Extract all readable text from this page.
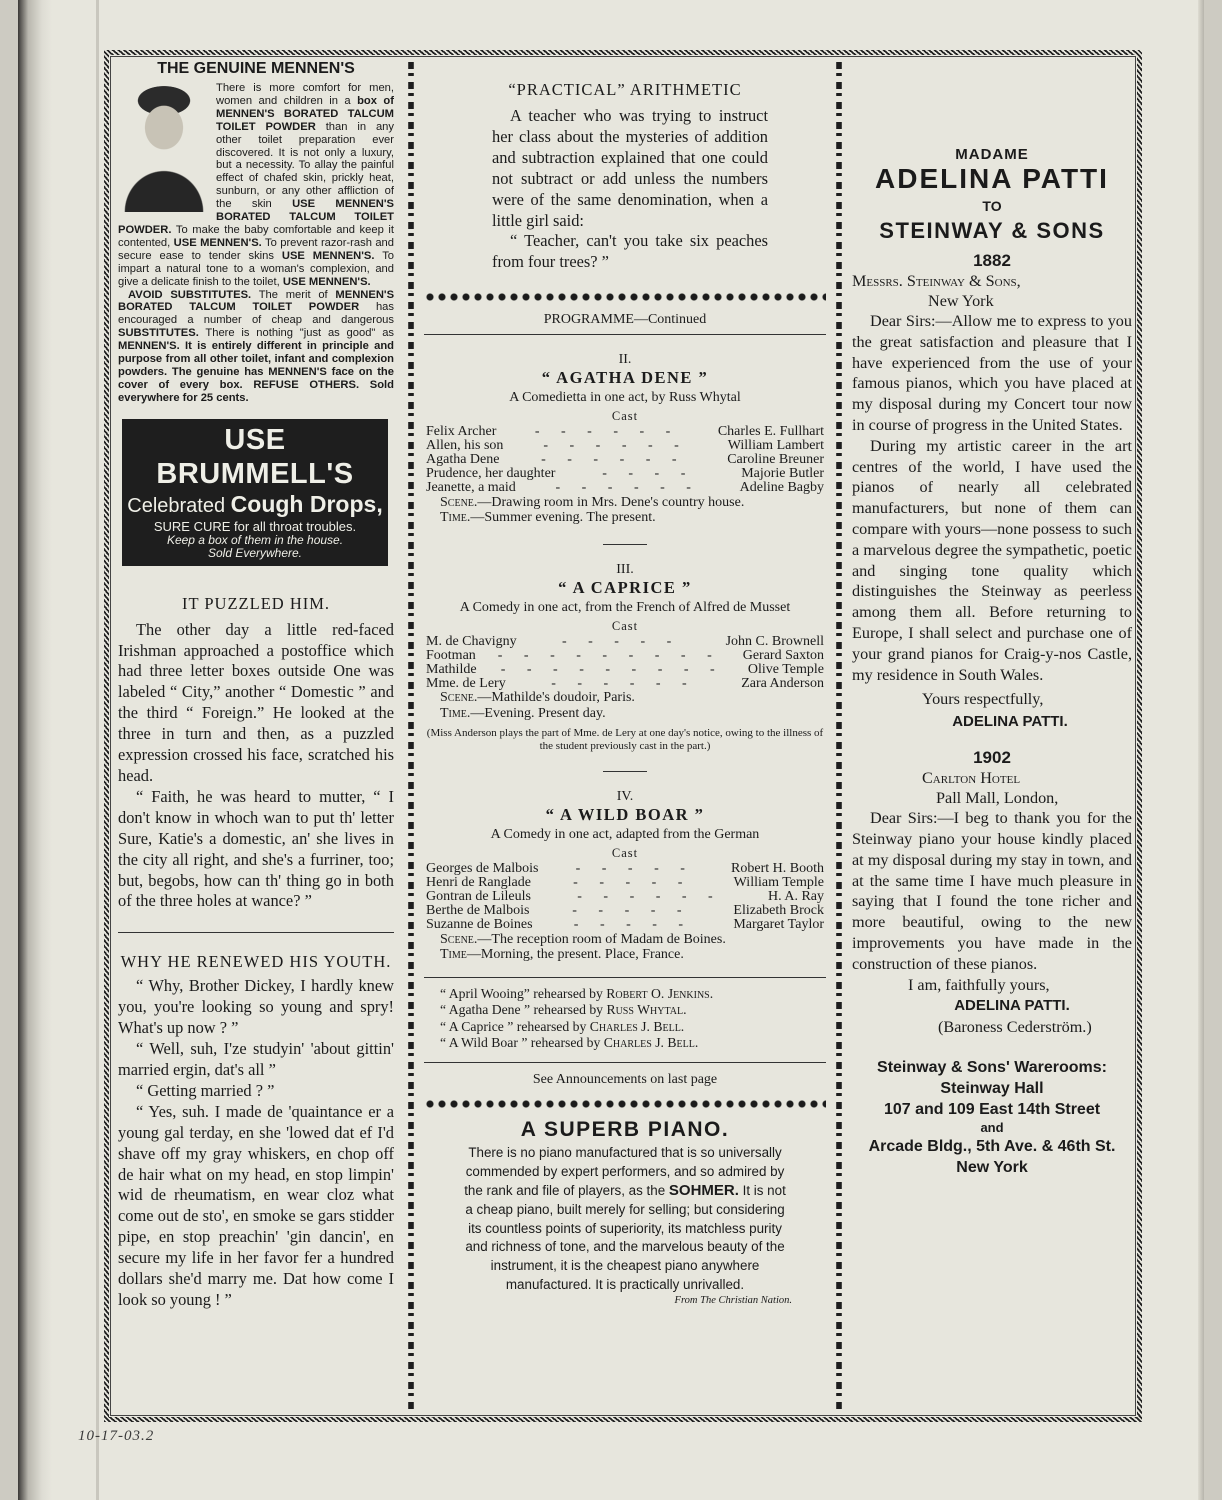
THE GENUINE MENNEN'S

There is more comfort for men, women and children in a box of MENNEN'S BORATED TALCUM TOILET POWDER than in any other toilet preparation ever discovered. It is not only a luxury, but a necessity. To allay the painful effect of chafed skin, prickly heat, sunburn, or any other affliction of the skin USE MENNEN'S BORATED TALCUM TOILET POWDER. To make the baby comfortable and keep it contented, USE MENNEN'S. To prevent razor-rash and secure ease to tender skins USE MENNEN'S. To impart a natural tone to a woman's complexion, and give a delicate finish to the toilet, USE MENNEN'S.

AVOID SUBSTITUTES. The merit of MENNEN'S BORATED TALCUM TOILET POWDER has encouraged a number of cheap and dangerous SUBSTITUTES. There is nothing "just as good" as MENNEN'S. It is entirely different in principle and purpose from all other toilet, infant and complexion powders. The genuine has MENNEN'S face on the cover of every box. REFUSE OTHERS. Sold everywhere for 25 cents.

USE BRUMMELL'S
Celebrated Cough Drops,
SURE CURE for all throat troubles.
Keep a box of them in the house.
Sold Everywhere.

IT PUZZLED HIM.

The other day a little red-faced Irishman approached a postoffice which had three letter boxes outside One was labeled “ City,” another “ Domestic ” and the third “ Foreign.” He looked at the three in turn and then, as a puzzled expression crossed his face, scratched his head.

“ Faith, he was heard to mutter, “ I don't know in whoch wan to put th' letter Sure, Katie's a domestic, an' she lives in the city all right, and she's a furriner, too; but, begobs, how can th' thing go in both of the three holes at wance? ”

WHY HE RENEWED HIS YOUTH.

“ Why, Brother Dickey, I hardly knew you, you're looking so young and spry! What's up now ? ”

“ Well, suh, I'ze studyin' 'about gittin' married ergin, dat's all ”

“ Getting married ? ”

“ Yes, suh. I made de 'quaintance er a young gal terday, en she 'lowed dat ef I'd shave off my gray whiskers, en chop off de hair what on my head, en stop limpin' wid de rheumatism, en wear cloz what come out de sto', en smoke se gars stidder pipe, en stop preachin' 'gin dancin', en secure my life in her favor fer a hundred dollars she'd marry me. Dat how come I look so young ! ”

“PRACTICAL” ARITHMETIC

A teacher who was trying to instruct her class about the mysteries of addition and subtraction explained that one could not subtract or add unless the numbers were of the same denomination, when a little girl said:

“ Teacher, can't you take six peaches from four trees? ”

PROGRAMME—Continued
II.
“ AGATHA DENE ”
A Comedietta in one act, by Russ Whytal
Cast
Felix Archer	- - - - - -	Charles E. Fullhart
Allen, his son	- - - - - -	William Lambert
Agatha Dene	- - - - - -	Caroline Breuner
Prudence, her daughter	- - - -	Majorie Butler
Jeanette, a maid	- - - - - -	Adeline Bagby
Scene.—Drawing room in Mrs. Dene's country house.
Time.—Summer evening. The present.
III.
“ A CAPRICE ”
A Comedy in one act, from the French of Alfred de Musset
Cast
M. de Chavigny	- - - - -	John C. Brownell
Footman	- - - - - - - - -	Gerard Saxton
Mathilde	- - - - - - - - -	Olive Temple
Mme. de Lery	- - - - - -	Zara Anderson
Scene.—Mathilde's doudoir, Paris.
Time.—Evening. Present day.
(Miss Anderson plays the part of Mme. de Lery at one day's notice, owing to the illness of the student previously cast in the part.)
IV.
“ A WILD BOAR ”
A Comedy in one act, adapted from the German
Cast
Georges de Malbois	- - - - -	Robert H. Booth
Henri de Ranglade	- - - - -	William Temple
Gontran de Lileuls	- - - - - -	H. A. Ray
Berthe de Malbois	- - - - -	Elizabeth Brock
Suzanne de Boines	- - - - -	Margaret Taylor
Scene.—The reception room of Madam de Boines.
Time—Morning, the present. Place, France.
“ April Wooing” rehearsed by Robert O. Jenkins.
“ Agatha Dene ” rehearsed by Russ Whytal.
“ A Caprice ” rehearsed by Charles J. Bell.
“ A Wild Boar ” rehearsed by Charles J. Bell.
See Announcements on last page
A SUPERB PIANO.
There is no piano manufactured that is so universally commended by expert performers, and so admired by the rank and file of players, as the SOHMER. It is not a cheap piano, built merely for selling; but considering its countless points of superiority, its matchless purity and richness of tone, and the marvelous beauty of the instrument, it is the cheapest piano anywhere manufactured. It is practically unrivalled.
From The Christian Nation.
MADAME
ADELINA PATTI
TO
STEINWAY & SONS
1882
Messrs. Steinway & Sons,
New York

Dear Sirs:—Allow me to express to you the great satisfaction and pleasure that I have experienced from the use of your famous pianos, which you have placed at my disposal during my Concert tour now in course of progress in the United States.

During my artistic career in the art centres of the world, I have used the pianos of nearly all celebrated manufacturers, but none of them can compare with yours—none possess to such a marvelous degree the sympathetic, poetic and singing tone quality which distinguishes the Steinway as peerless among them all. Before returning to Europe, I shall select and purchase one of your grand pianos for Craig-y-nos Castle, my residence in South Wales.

Yours respectfully,
ADELINA PATTI.
1902
Carlton Hotel
Pall Mall, London,

Dear Sirs:—I beg to thank you for the Steinway piano your house kindly placed at my disposal during my stay in town, and at the same time I have much pleasure in saying that I found the tone richer and more beautiful, owing to the new improvements you have made in the construction of these pianos.

I am, faithfully yours,
ADELINA PATTI.
(Baroness Cederström.)
Steinway & Sons' Warerooms:
Steinway Hall
107 and 109 East 14th Street
and
Arcade Bldg., 5th Ave. & 46th St.
New York
10-17-03.2
